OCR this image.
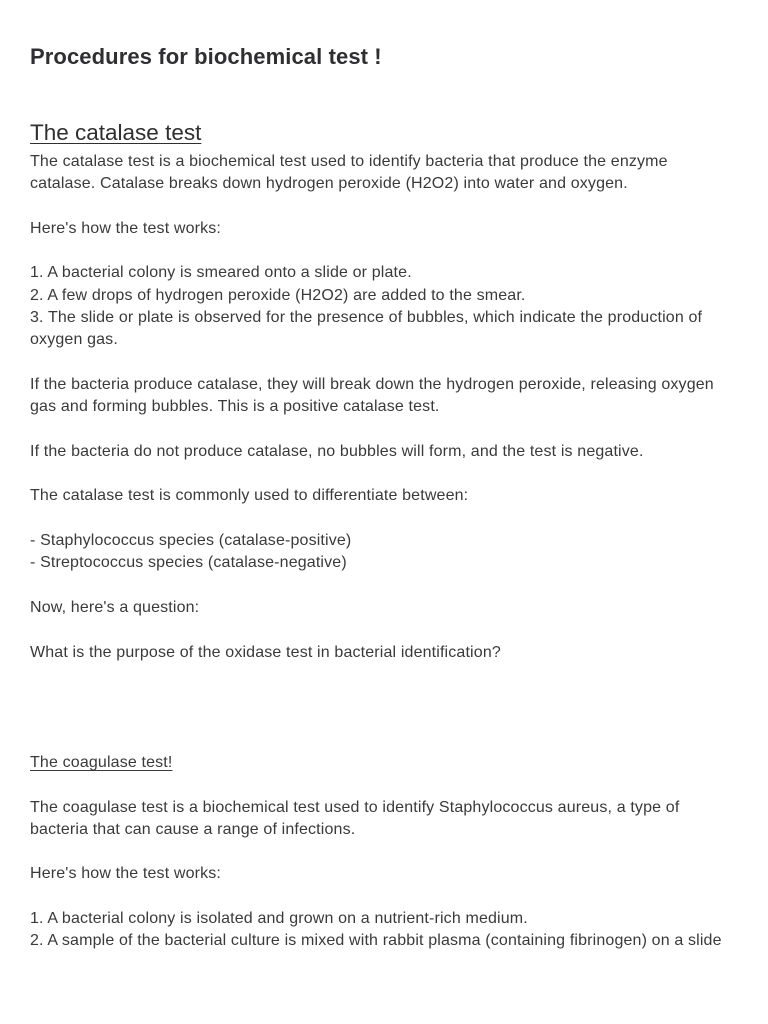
Procedures for biochemical test !
The catalase test
The catalase test is a biochemical test used to identify bacteria that produce the enzyme
catalase. Catalase breaks down hydrogen peroxide (H2O2) into water and oxygen.
Here's how the test works:
1. A bacterial colony is smeared onto a slide or plate.
2. A few drops of hydrogen peroxide (H2O2) are added to the smear.
3. The slide or plate is observed for the presence of bubbles, which indicate the production of
oxygen gas.
If the bacteria produce catalase, they will break down the hydrogen peroxide, releasing oxygen
gas and forming bubbles. This is a positive catalase test.
If the bacteria do not produce catalase, no bubbles will form, and the test is negative.
The catalase test is commonly used to differentiate between:
- Staphylococcus species (catalase-positive)
- Streptococcus species (catalase-negative)
Now, here's a question:
What is the purpose of the oxidase test in bacterial identification?
The coagulase test!
The coagulase test is a biochemical test used to identify Staphylococcus aureus, a type of
bacteria that can cause a range of infections.
Here's how the test works:
1. A bacterial colony is isolated and grown on a nutrient-rich medium.
2. A sample of the bacterial culture is mixed with rabbit plasma (containing fibrinogen) on a slide
